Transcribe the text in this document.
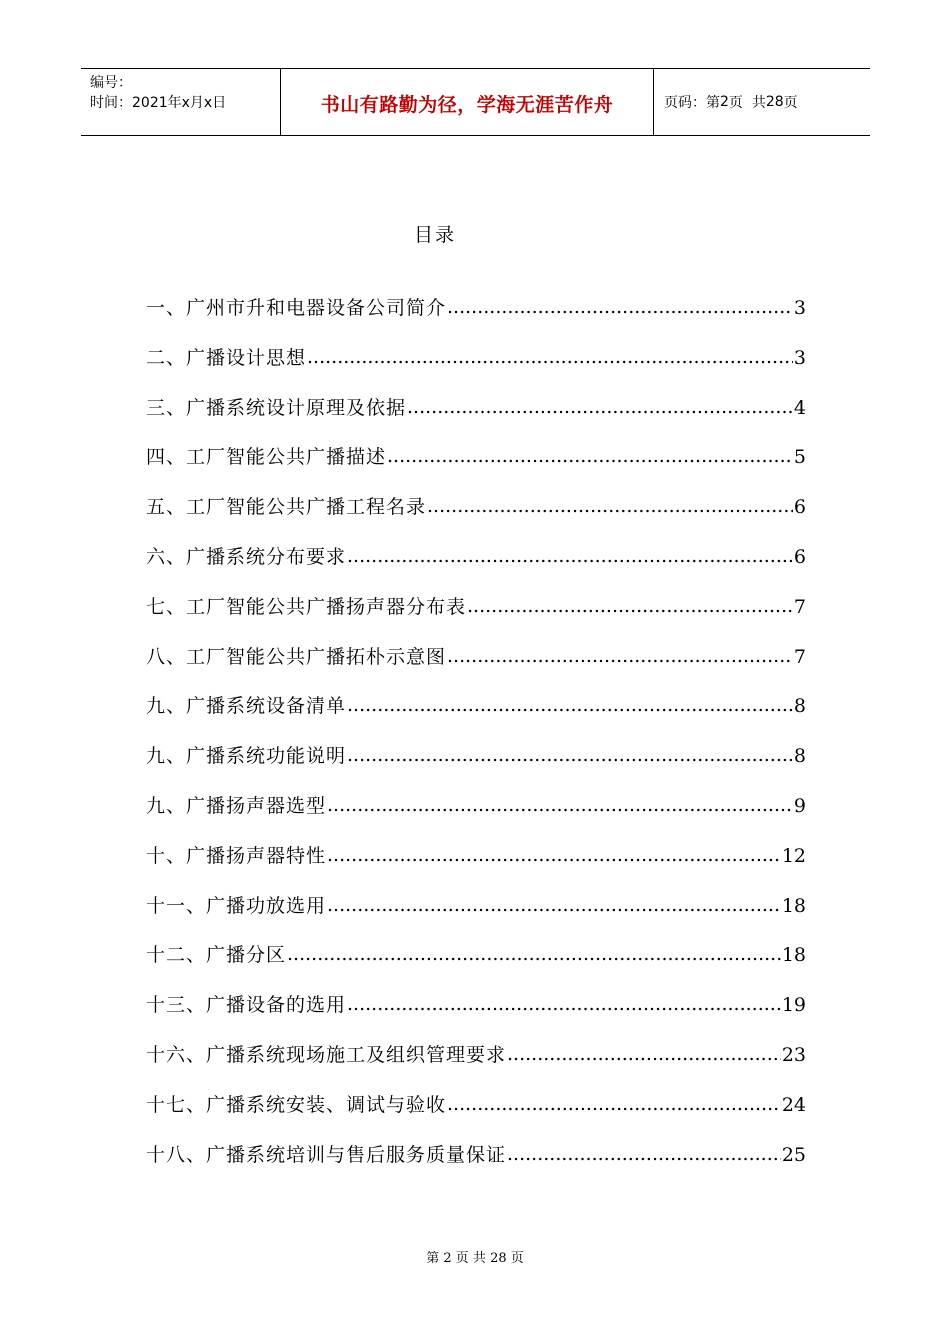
编号：
时间：2021年x月x日	书山有路勤为径，学海无涯苦作舟	页码：第 2 页  共 28 页
目录
一、广州市升和电器设备公司简介 .....	3
二、广播设计思想 .....	3
三、广播系统设计原理及依据 .....	4
四、工厂智能公共广播描述 .....	5
五、工厂智能公共广播工程名录 .....	6
六、广播系统分布要求 .....	6
七、工厂智能公共广播扬声器分布表 .....	7
八、工厂智能公共广播拓朴示意图 .....	7
九、广播系统设备清单 .....	8
九、广播系统功能说明 .....	8
九、广播扬声器选型 .....	9
十、广播扬声器特性 .....	12
十一、广播功放选用 .....	18
十二、广播分区 .....	18
十三、广播设备的选用 .....	19
十六、广播系统现场施工及组织管理要求 .....	23
十七、广播系统安装、调试与验收 .....	24
十八、广播系统培训与售后服务质量保证 .....	25
第 2 页 共 28 页
